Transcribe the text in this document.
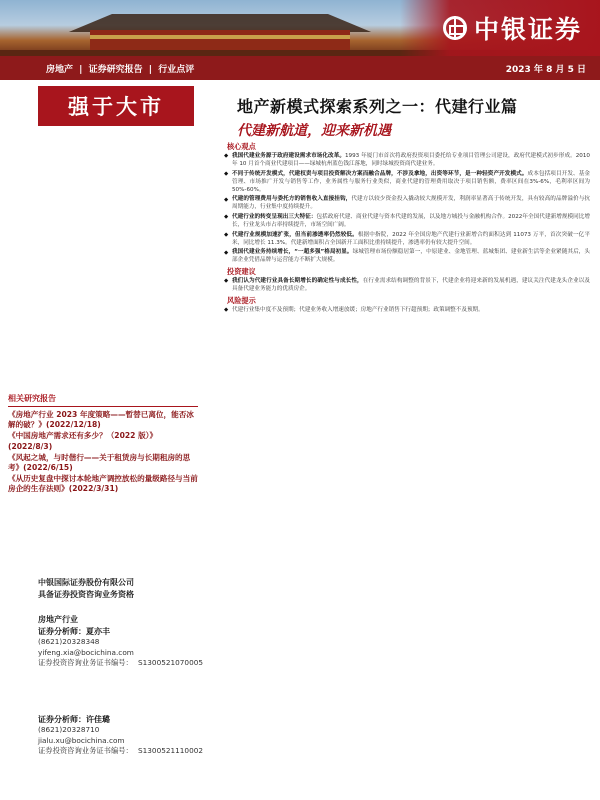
中银证券
房地产 | 证券研究报告 | 行业点评	2023 年 8 月 5 日
强于大市
相关研究报告
《房地产行业 2023 年度策略——暂替已离位，能否冰解的破？》(2022/12/18)
《中国房地产需求还有多少？（2022 版）》(2022/8/3)
《风起之城，与时偕行——关于租赁房与长期租房的思考》(2022/6/15)
《从历史复盘中探讨本轮地产调控放松的量级路径与当前房企的生存法则》(2022/3/31)
中银国际证券股份有限公司
具备证券投资咨询业务资格
房地产行业
证券分析师：夏亦丰
(8621)20328348
yifeng.xia@bocichina.com
证券投资咨询业务证书编号： S1300521070005
证券分析师：许佳璐
(8621)20328710
jialu.xu@bocichina.com
证券投资咨询业务证书编号： S1300521110002
地产新模式探索系列之一：代建行业篇
代建新航道，迎来新机遇
核心观点
◆ 我国代建业务源于政府建设需求市场化改革。1993 年厦门市首次将政府投资项目委托给专业项目管理公司建设，政府代建模式初步形成。2010 年 10 月首个商业代建项目——绿城杭州蓝色钱江落地，同时绿城投资商代建业务。
◆ 不同于传统开发模式，代建权责与项目投资解决方案而融合品牌，不涉及拿地，出资等环节，是一种轻资产开发模式。成本包括项目开发、基金管理、市场推广开发与销售等工作，业务属性与服务行业类似，商业代建的管理费用取决于项目销售额，费率区间在3%-6%，毛利率区间为50%-60%。
◆ 代建的管理费用与委托方的销售收入直接挂钩，代建方以较少资金投入撬动较大规模开发，利润率显著高于传统开发，具有较高的品牌溢价与抗周期能力，行业集中度持续提升。
◆ 代建行业的转变呈现出三大特征：包括政府代建、商业代建与资本代建的发展，以及地方城投与金融机构合作。2022年全国代建新增规模同比增长，行业龙头市占率持续提升，市场空间广阔。
◆ 代建行业规模加速扩张，但当前渗透率仍然较低。根据中指院，2022 年全国房地产代建行业新增合约面积达到 11073 万平，首次突破一亿平米，同比增长 11.3%。代建新增面积占全国新开工面积比重持续提升，渗透率仍有较大提升空间。
◆ 我国代建业务持续增长，“一超多强”格局初显。绿城管理市场份额稳居第一，中原建业、金地管理、蓝城集团、建业新生活等企业紧随其后，头部企业凭借品牌与运营能力不断扩大规模。
投资建议
◆ 我们认为代建行业具备长期增长的确定性与成长性，在行业需求结构调整的背景下，代建企业将迎来新的发展机遇，建议关注代建龙头企业以及具备代建业务能力的优质房企。
风险提示
◆ 代建行业集中度不及预期；代建业务收入增速放缓；房地产行业销售下行超预期；政策调整不及预期。
